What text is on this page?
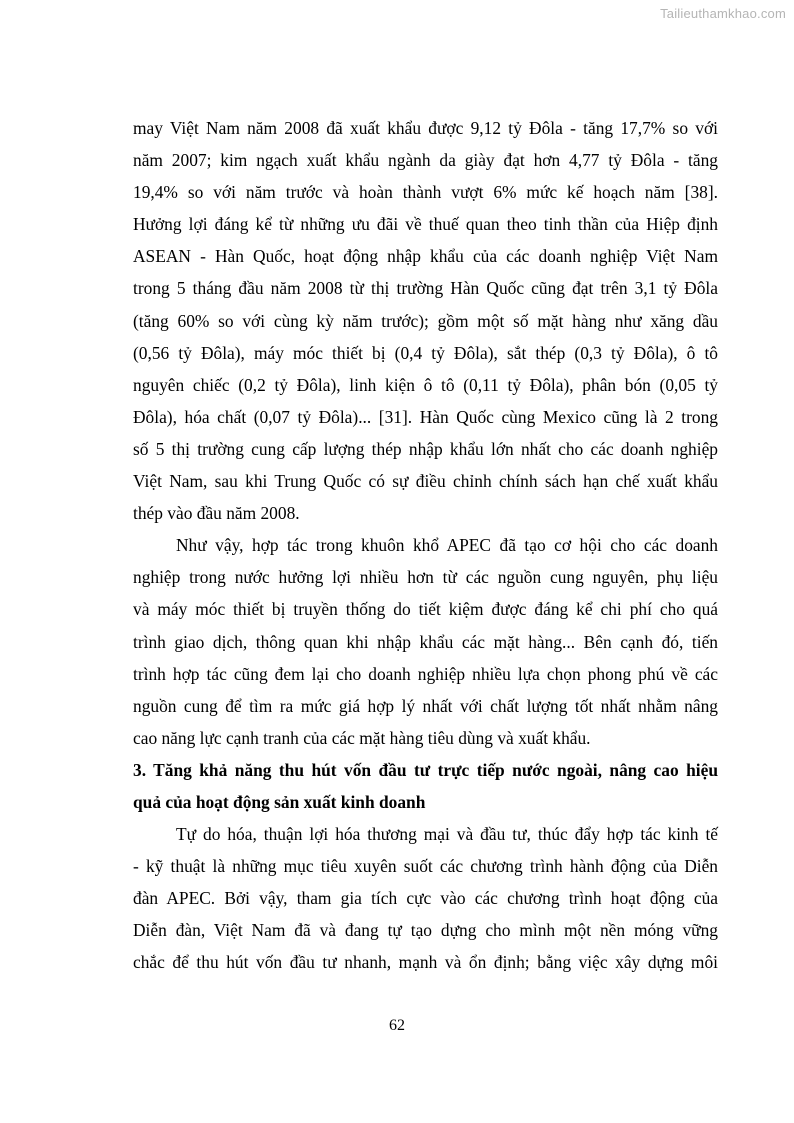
Tailieuthamkhao.com
may Việt Nam năm 2008 đã xuất khẩu được 9,12 tỷ Đôla - tăng 17,7% so với
năm 2007; kim ngạch xuất khẩu ngành da giày đạt hơn 4,77 tỷ Đôla - tăng
19,4% so với năm trước và hoàn thành vượt 6% mức kế hoạch năm [38].
Hưởng lợi đáng kể từ những ưu đãi về thuế quan theo tinh thần của Hiệp định
ASEAN - Hàn Quốc, hoạt động nhập khẩu của các doanh nghiệp Việt Nam
trong 5 tháng đầu năm 2008 từ thị trường Hàn Quốc cũng đạt trên 3,1 tỷ Đôla
(tăng 60% so với cùng kỳ năm trước); gồm một số mặt hàng như xăng dầu
(0,56 tỷ Đôla), máy móc thiết bị (0,4 tỷ Đôla), sắt thép (0,3 tỷ Đôla), ô tô
nguyên chiếc (0,2 tỷ Đôla), linh kiện ô tô (0,11 tỷ Đôla), phân bón (0,05 tỷ
Đôla), hóa chất (0,07 tỷ Đôla)... [31]. Hàn Quốc cùng Mexico cũng là 2 trong
số 5 thị trường cung cấp lượng thép nhập khẩu lớn nhất cho các doanh nghiệp
Việt Nam, sau khi Trung Quốc có sự điều chỉnh chính sách hạn chế xuất khẩu
thép vào đầu năm 2008.
Như vậy, hợp tác trong khuôn khổ APEC đã tạo cơ hội cho các doanh
nghiệp trong nước hưởng lợi nhiều hơn từ các nguồn cung nguyên, phụ liệu
và máy móc thiết bị truyền thống do tiết kiệm được đáng kể chi phí cho quá
trình giao dịch, thông quan khi nhập khẩu các mặt hàng... Bên cạnh đó, tiến
trình hợp tác cũng đem lại cho doanh nghiệp nhiều lựa chọn phong phú về các
nguồn cung để tìm ra mức giá hợp lý nhất với chất lượng tốt nhất nhằm nâng
cao năng lực cạnh tranh của các mặt hàng tiêu dùng và xuất khẩu.
3. Tăng khả năng thu hút vốn đầu tư trực tiếp nước ngoài, nâng cao hiệu
quả của hoạt động sản xuất kinh doanh
Tự do hóa, thuận lợi hóa thương mại và đầu tư, thúc đẩy hợp tác kinh tế
- kỹ thuật là những mục tiêu xuyên suốt các chương trình hành động của Diễn
đàn APEC. Bởi vậy, tham gia tích cực vào các chương trình hoạt động của
Diễn đàn, Việt Nam đã và đang tự tạo dựng cho mình một nền móng vững
chắc để thu hút vốn đầu tư nhanh, mạnh và ổn định; bằng việc xây dựng môi
62
